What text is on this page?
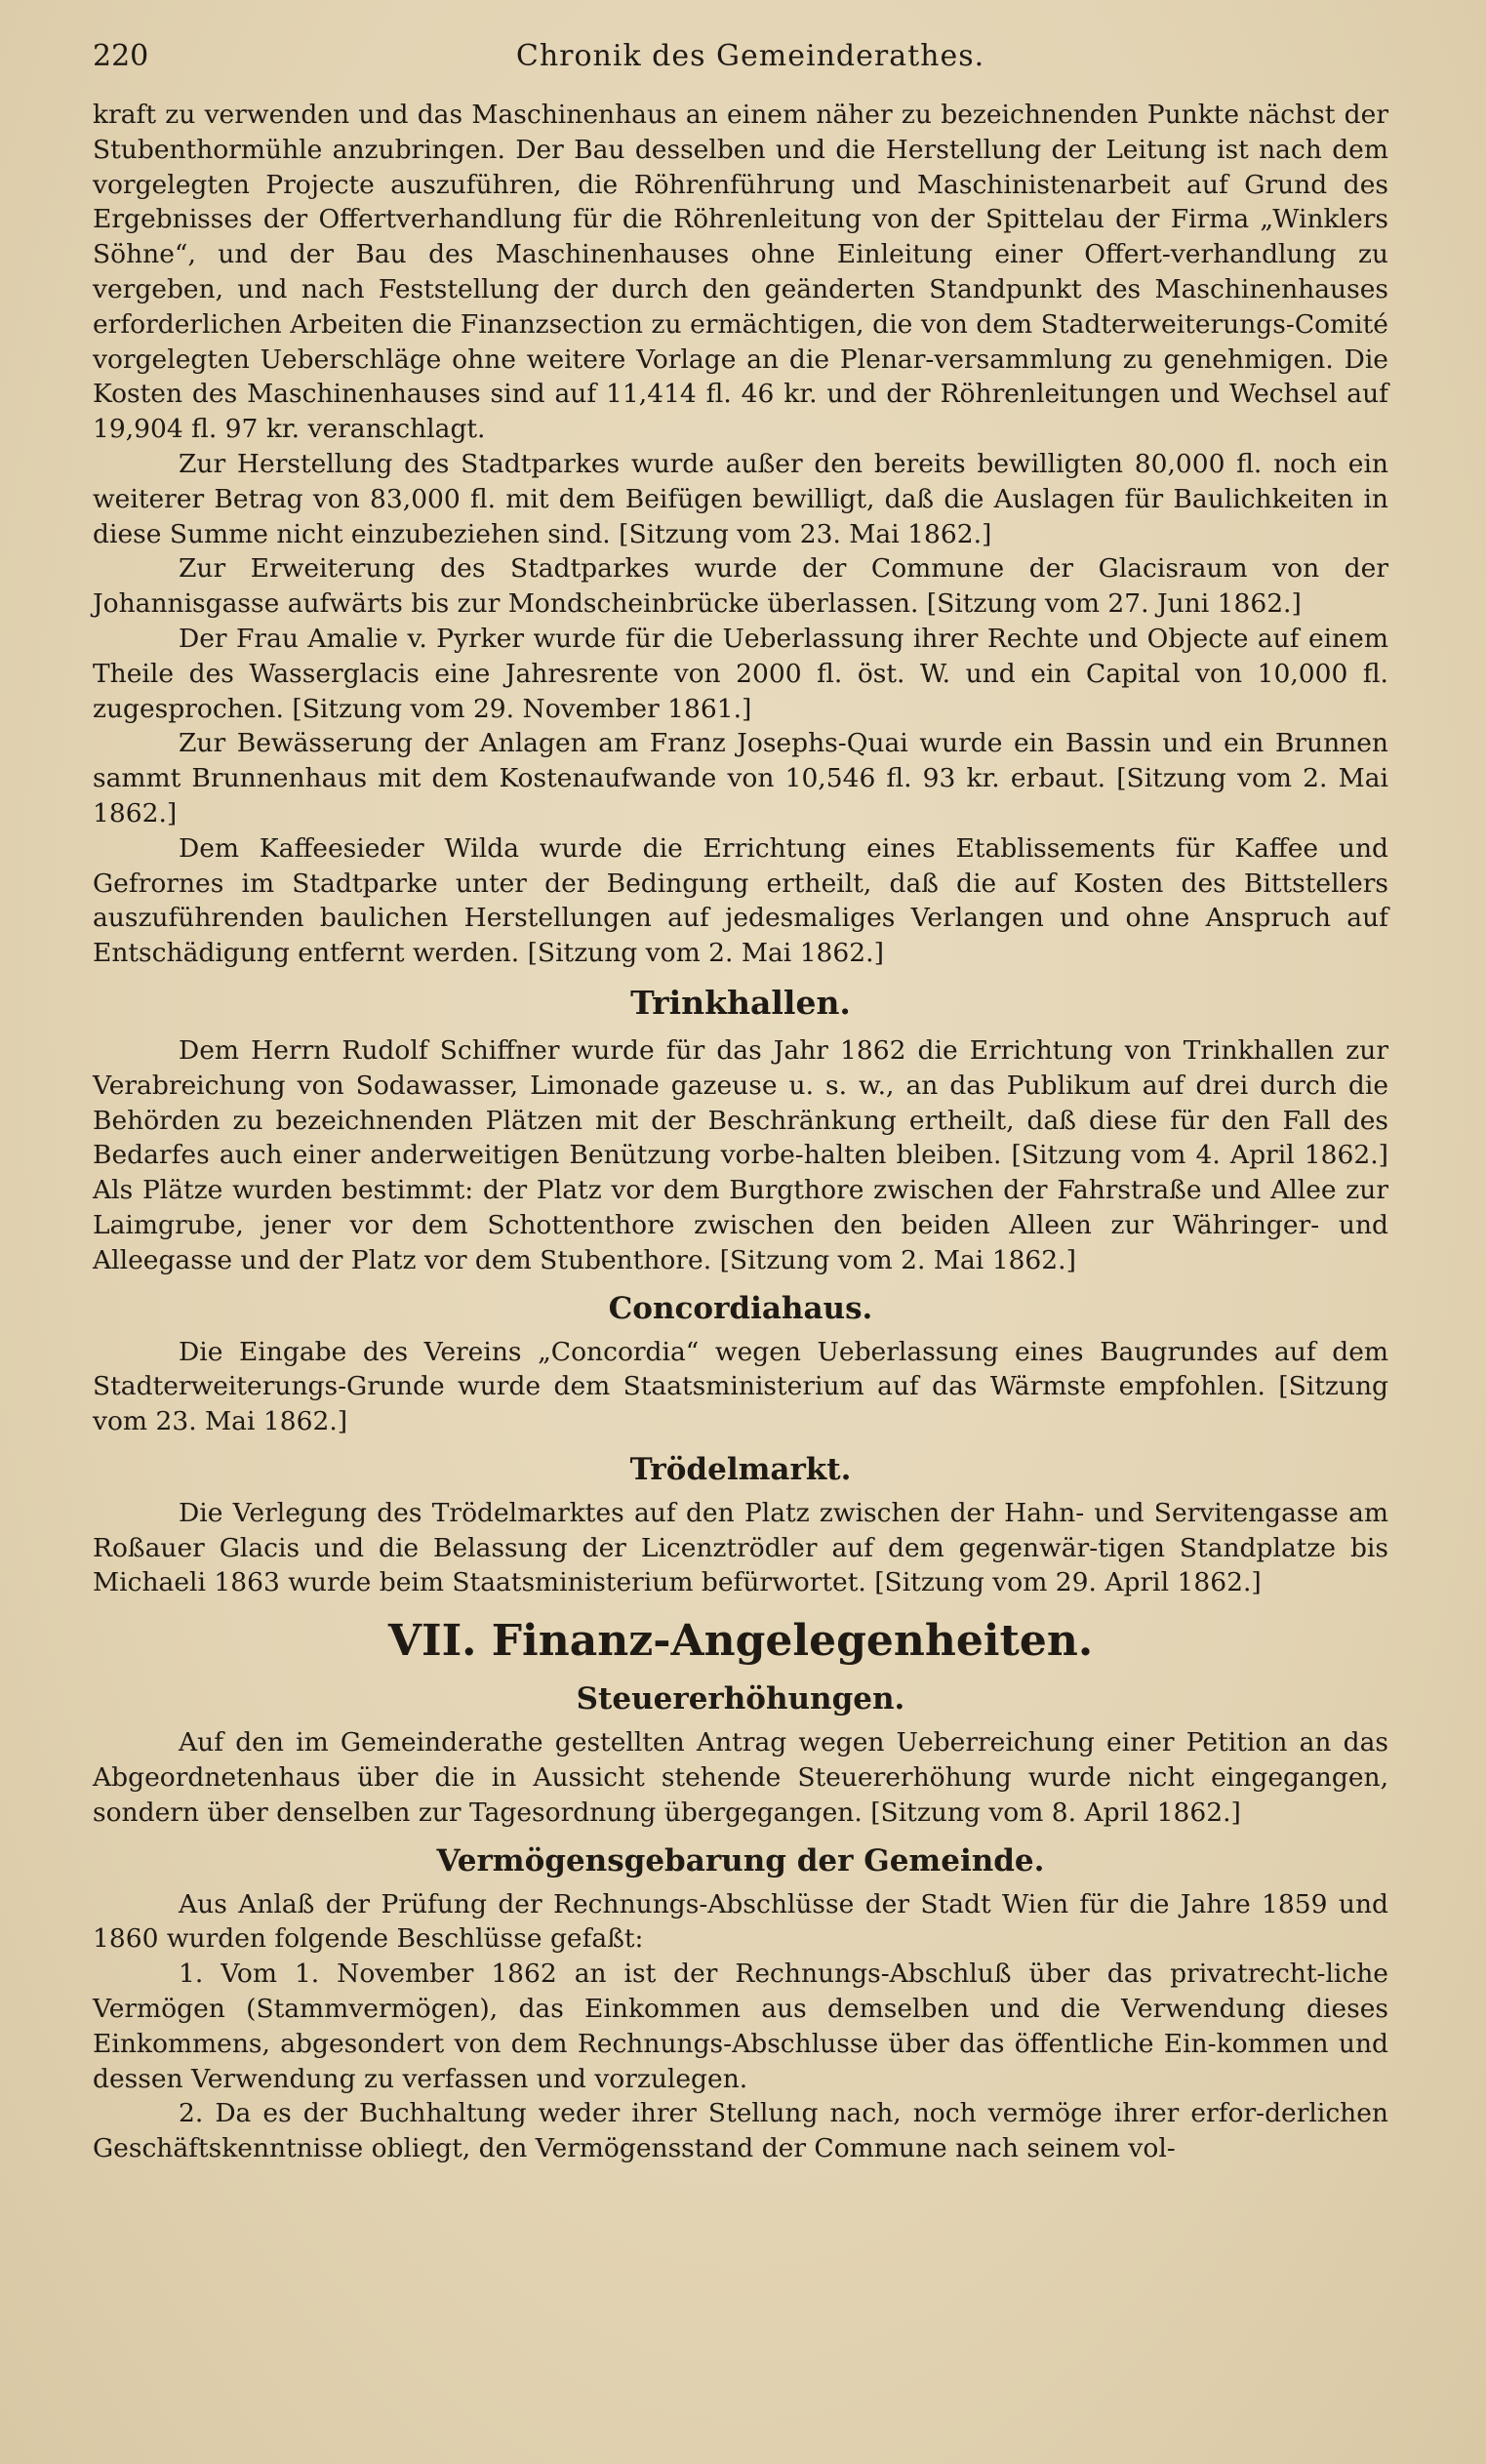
220	Chronik des Gemeinderathes.

kraft zu verwenden und das Maschinenhaus an einem näher zu bezeichnenden Punkte nächst der Stubenthormühle anzubringen. Der Bau desselben und die Herstellung der Leitung ist nach dem vorgelegten Projecte auszuführen, die Röhrenführung und Maschinistenarbeit auf Grund des Ergebnisses der Offertverhandlung für die Röhrenleitung von der Spittelau der Firma „Winklers Söhne“, und der Bau des Maschinenhauses ohne Einleitung einer Offert-verhandlung zu vergeben, und nach Feststellung der durch den geänderten Standpunkt des Maschinenhauses erforderlichen Arbeiten die Finanzsection zu ermächtigen, die von dem Stadterweiterungs-Comité vorgelegten Ueberschläge ohne weitere Vorlage an die Plenar-versammlung zu genehmigen. Die Kosten des Maschinenhauses sind auf 11,414 fl. 46 kr. und der Röhrenleitungen und Wechsel auf 19,904 fl. 97 kr. veranschlagt.

Zur Herstellung des Stadtparkes wurde außer den bereits bewilligten 80,000 fl. noch ein weiterer Betrag von 83,000 fl. mit dem Beifügen bewilligt, daß die Auslagen für Baulichkeiten in diese Summe nicht einzubeziehen sind. [Sitzung vom 23. Mai 1862.]

Zur Erweiterung des Stadtparkes wurde der Commune der Glacisraum von der Johannisgasse aufwärts bis zur Mondscheinbrücke überlassen. [Sitzung vom 27. Juni 1862.]

Der Frau Amalie v. Pyrker wurde für die Ueberlassung ihrer Rechte und Objecte auf einem Theile des Wasserglacis eine Jahresrente von 2000 fl. öst. W. und ein Capital von 10,000 fl. zugesprochen. [Sitzung vom 29. November 1861.]

Zur Bewässerung der Anlagen am Franz Josephs-Quai wurde ein Bassin und ein Brunnen sammt Brunnenhaus mit dem Kostenaufwande von 10,546 fl. 93 kr. erbaut. [Sitzung vom 2. Mai 1862.]

Dem Kaffeesieder Wilda wurde die Errichtung eines Etablissements für Kaffee und Gefrornes im Stadtparke unter der Bedingung ertheilt, daß die auf Kosten des Bittstellers auszuführenden baulichen Herstellungen auf jedesmaliges Verlangen und ohne Anspruch auf Entschädigung entfernt werden. [Sitzung vom 2. Mai 1862.]

Trinkhallen.

Dem Herrn Rudolf Schiffner wurde für das Jahr 1862 die Errichtung von Trinkhallen zur Verabreichung von Sodawasser, Limonade gazeuse u. s. w., an das Publikum auf drei durch die Behörden zu bezeichnenden Plätzen mit der Beschränkung ertheilt, daß diese für den Fall des Bedarfes auch einer anderweitigen Benützung vorbe-halten bleiben. [Sitzung vom 4. April 1862.] Als Plätze wurden bestimmt: der Platz vor dem Burgthore zwischen der Fahrstraße und Allee zur Laimgrube, jener vor dem Schottenthore zwischen den beiden Alleen zur Währinger- und Alleegasse und der Platz vor dem Stubenthore. [Sitzung vom 2. Mai 1862.]

Concordiahaus.

Die Eingabe des Vereins „Concordia“ wegen Ueberlassung eines Baugrundes auf dem Stadterweiterungs-Grunde wurde dem Staatsministerium auf das Wärmste empfohlen. [Sitzung vom 23. Mai 1862.]

Trödelmarkt.

Die Verlegung des Trödelmarktes auf den Platz zwischen der Hahn- und Servitengasse am Roßauer Glacis und die Belassung der Licenztrödler auf dem gegenwär-tigen Standplatze bis Michaeli 1863 wurde beim Staatsministerium befürwortet. [Sitzung vom 29. April 1862.]

VII. Finanz-Angelegenheiten.
Steuererhöhungen.

Auf den im Gemeinderathe gestellten Antrag wegen Ueberreichung einer Petition an das Abgeordnetenhaus über die in Aussicht stehende Steuererhöhung wurde nicht eingegangen, sondern über denselben zur Tagesordnung übergegangen. [Sitzung vom 8. April 1862.]

Vermögensgebarung der Gemeinde.

Aus Anlaß der Prüfung der Rechnungs-Abschlüsse der Stadt Wien für die Jahre 1859 und 1860 wurden folgende Beschlüsse gefaßt:

1. Vom 1. November 1862 an ist der Rechnungs-Abschluß über das privatrecht-liche Vermögen (Stammvermögen), das Einkommen aus demselben und die Verwendung dieses Einkommens, abgesondert von dem Rechnungs-Abschlusse über das öffentliche Ein-kommen und dessen Verwendung zu verfassen und vorzulegen.

2. Da es der Buchhaltung weder ihrer Stellung nach, noch vermöge ihrer erfor-derlichen Geschäftskenntnisse obliegt, den Vermögensstand der Commune nach seinem vol-
